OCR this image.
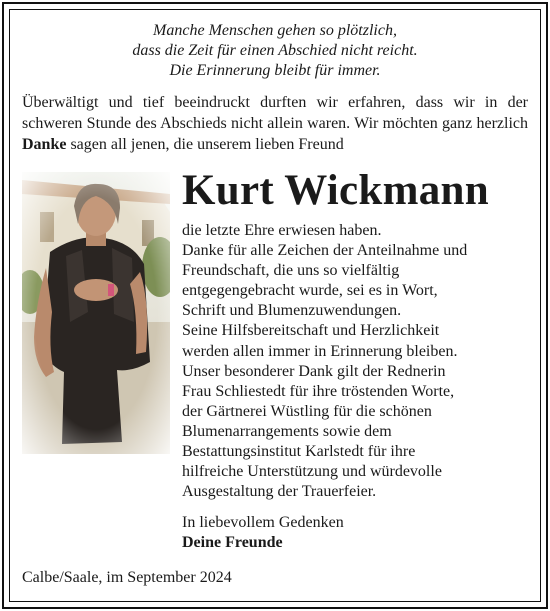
Manche Menschen gehen so plötzlich,
dass die Zeit für einen Abschied nicht reicht.
Die Erinnerung bleibt für immer.
Überwältigt und tief beeindruckt durften wir erfahren, dass wir in der schweren Stunde des Abschieds nicht allein waren. Wir möchten ganz herzlich Danke sagen all jenen, die unserem lieben Freund
Kurt Wickmann
die letzte Ehre erwiesen haben.
Danke für alle Zeichen der Anteilnahme und
Freundschaft, die uns so vielfältig
entgegengebracht wurde, sei es in Wort,
Schrift und Blumenzuwendungen.
Seine Hilfsbereitschaft und Herzlichkeit
werden allen immer in Erinnerung bleiben.
Unser besonderer Dank gilt der Rednerin
Frau Schliestedt für ihre tröstenden Worte,
der Gärtnerei Wüstling für die schönen
Blumenarrangements sowie dem
Bestattungsinstitut Karlstedt für ihre
hilfreiche Unterstützung und würdevolle
Ausgestaltung der Trauerfeier.
In liebevollem Gedenken
Deine Freunde
Calbe/Saale, im September 2024
